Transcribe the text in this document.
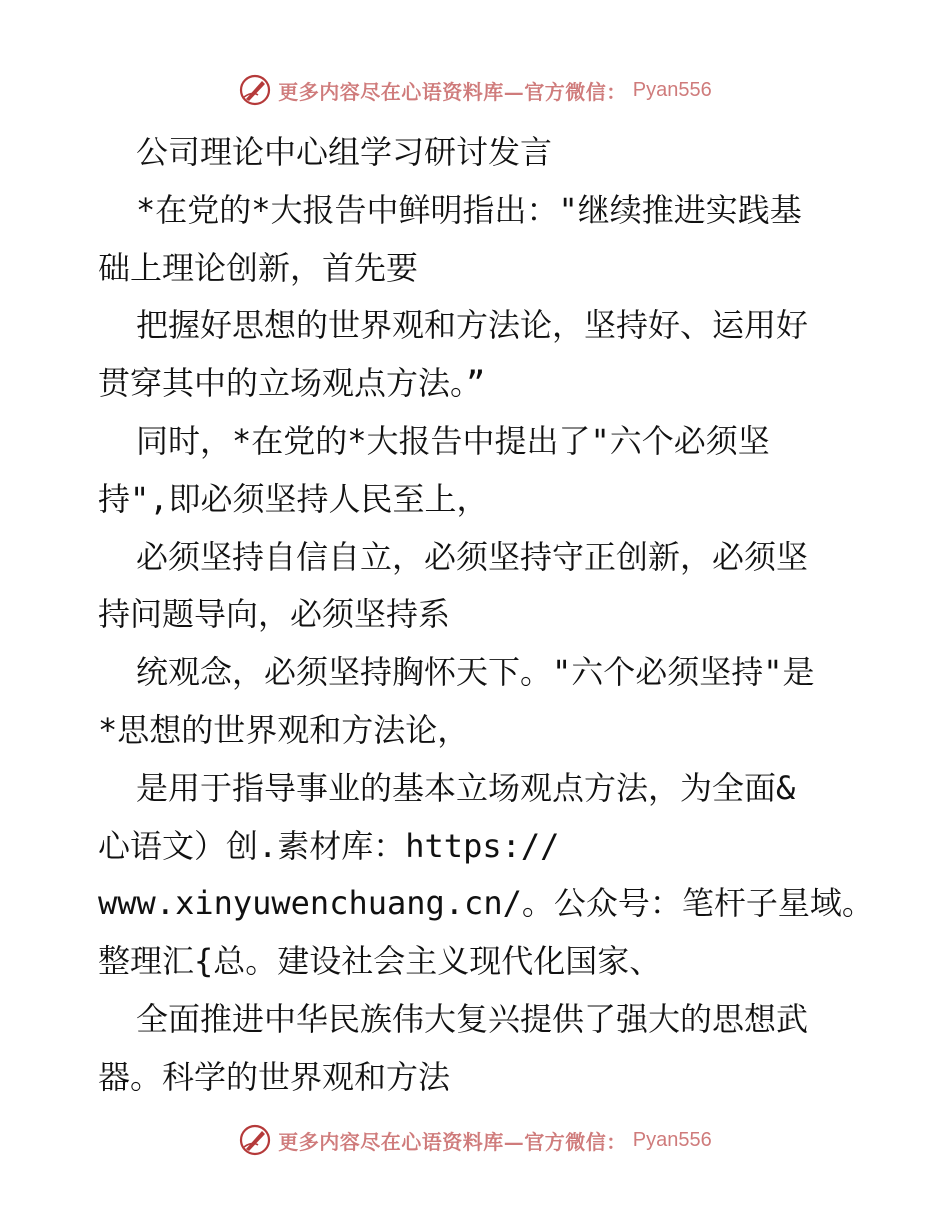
更多内容尽在心语资料库—官方微信： Pyan556
公司理论中心组学习研讨发言
*在党的*大报告中鲜明指出："继续推进实践基
础上理论创新，首先要
把握好思想的世界观和方法论，坚持好、运用好
贯穿其中的立场观点方法。”
同时，*在党的*大报告中提出了"六个必须坚
持",即必须坚持人民至上，
必须坚持自信自立，必须坚持守正创新，必须坚
持问题导向，必须坚持系
统观念，必须坚持胸怀天下。"六个必须坚持"是
*思想的世界观和方法论，
是用于指导事业的基本立场观点方法，为全面&
心语文）创.素材库：https://
www.xinyuwenchuang.cn/。公众号：笔杆子星域。
整理汇{总。建设社会主义现代化国家、
全面推进中华民族伟大复兴提供了强大的思想武
器。科学的世界观和方法
更多内容尽在心语资料库—官方微信： Pyan556
